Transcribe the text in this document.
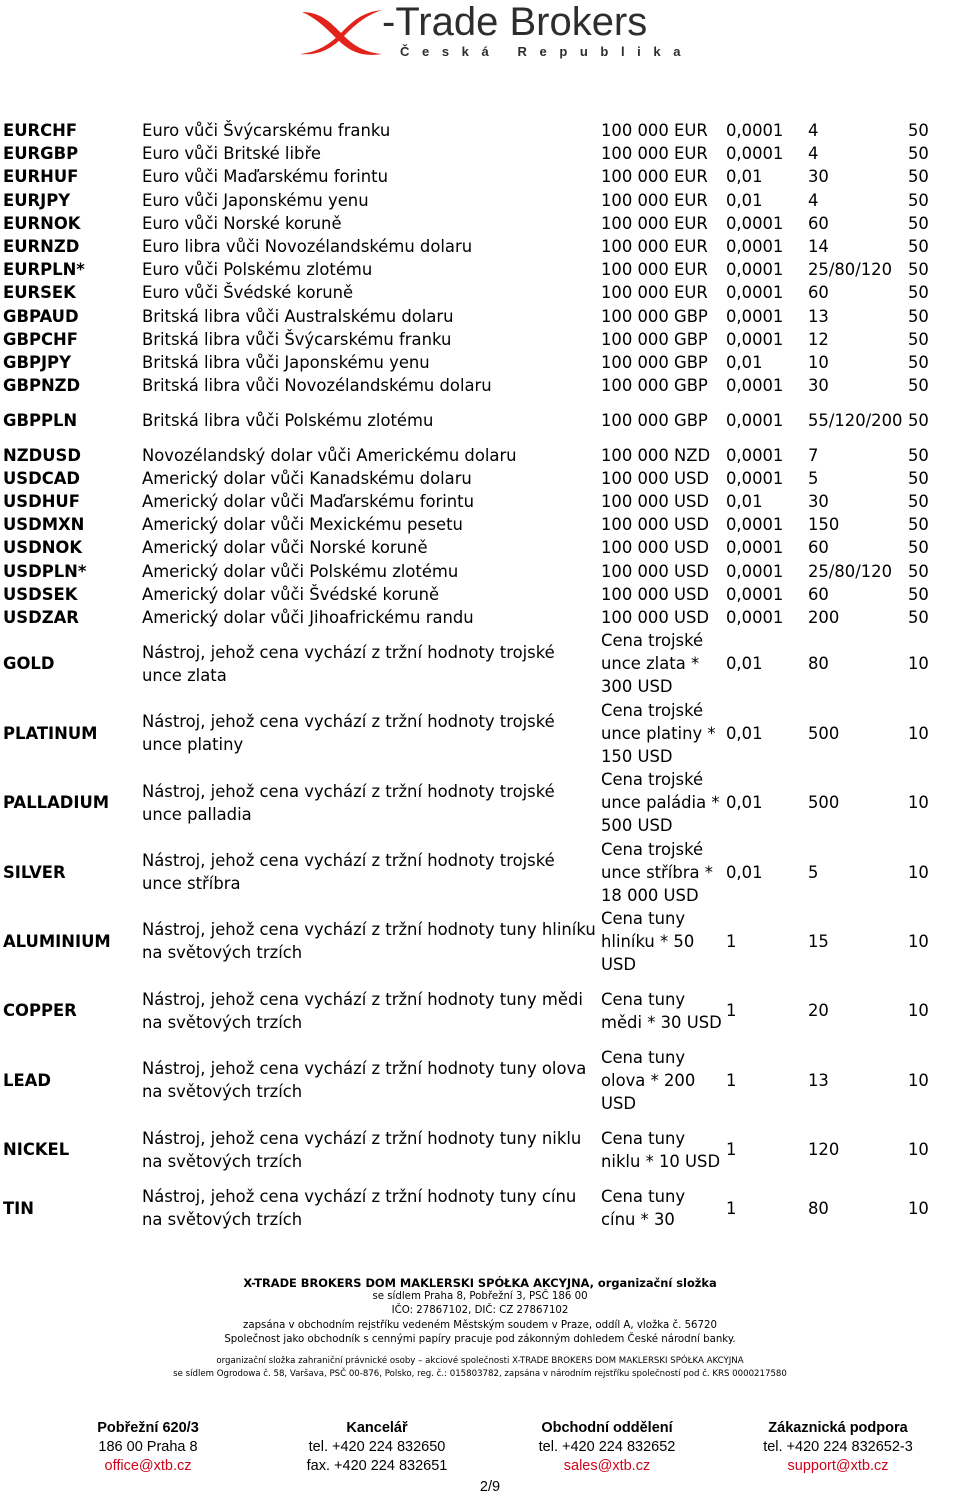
-Trade Brokers
Česká Republika
EURCHF	Euro vůči Švýcarskému franku	100 000 EUR	0,0001	4	50
EURGBP	Euro vůči Britské libře	100 000 EUR	0,0001	4	50
EURHUF	Euro vůči Maďarskému forintu	100 000 EUR	0,01	30	50
EURJPY	Euro vůči Japonskému yenu	100 000 EUR	0,01	4	50
EURNOK	Euro vůči Norské koruně	100 000 EUR	0,0001	60	50
EURNZD	Euro libra vůči Novozélandskému dolaru	100 000 EUR	0,0001	14	50
EURPLN*	Euro vůči Polskému zlotému	100 000 EUR	0,0001	25/80/120	50
EURSEK	Euro vůči Švédské koruně	100 000 EUR	0,0001	60	50
GBPAUD	Britská libra vůči Australskému dolaru	100 000 GBP	0,0001	13	50
GBPCHF	Britská libra vůči Švýcarskému franku	100 000 GBP	0,0001	12	50
GBPJPY	Britská libra vůči Japonskému yenu	100 000 GBP	0,01	10	50
GBPNZD	Britská libra vůči Novozélandskému dolaru	100 000 GBP	0,0001	30	50
GBPPLN	Britská libra vůči Polskému zlotému	100 000 GBP	0,0001	55/120/200	50
NZDUSD	Novozélandský dolar vůči Americkému dolaru	100 000 NZD	0,0001	7	50
USDCAD	Americký dolar vůči Kanadskému dolaru	100 000 USD	0,0001	5	50
USDHUF	Americký dolar vůči Maďarskému forintu	100 000 USD	0,01	30	50
USDMXN	Americký dolar vůči Mexickému pesetu	100 000 USD	0,0001	150	50
USDNOK	Americký dolar vůči Norské koruně	100 000 USD	0,0001	60	50
USDPLN*	Americký dolar vůči Polskému zlotému	100 000 USD	0,0001	25/80/120	50
USDSEK	Americký dolar vůči Švédské koruně	100 000 USD	0,0001	60	50
USDZAR	Americký dolar vůči Jihoafrickému randu	100 000 USD	0,0001	200	50
GOLD	Nástroj, jehož cena vychází z tržní hodnoty trojské unce zlata	Cena trojské unce zlata * 300 USD	0,01	80	10
PLATINUM	Nástroj, jehož cena vychází z tržní hodnoty trojské unce platiny	Cena trojské unce platiny * 150 USD	0,01	500	10
PALLADIUM	Nástroj, jehož cena vychází z tržní hodnoty trojské unce palladia	Cena trojské unce paládia * 500 USD	0,01	500	10
SILVER	Nástroj, jehož cena vychází z tržní hodnoty trojské unce stříbra	Cena trojské unce stříbra * 18 000 USD	0,01	5	10
ALUMINIUM	Nástroj, jehož cena vychází z tržní hodnoty tuny hliníku na světových trzích	Cena tuny hliníku * 50 USD	1	15	10
COPPER	Nástroj, jehož cena vychází z tržní hodnoty tuny mědi na světových trzích	Cena tuny mědi * 30 USD	1	20	10
LEAD	Nástroj, jehož cena vychází z tržní hodnoty tuny olova na světových trzích	Cena tuny olova * 200 USD	1	13	10
NICKEL	Nástroj, jehož cena vychází z tržní hodnoty tuny niklu na světových trzích	Cena tuny niklu * 10 USD	1	120	10
TIN	Nástroj, jehož cena vychází z tržní hodnoty tuny cínu na světových trzích	Cena tuny cínu * 30	1	80	10
X-TRADE BROKERS DOM MAKLERSKI SPÓŁKA AKCYJNA, organizační složka
se sídlem Praha 8, Pobřežní 3, PSČ 186 00
IČO: 27867102, DIČ: CZ 27867102
zapsána v obchodním rejstříku vedeném Městským soudem v Praze, oddíl A, vložka č. 56720
Společnost jako obchodník s cennými papíry pracuje pod zákonným dohledem České národní banky.
organizační složka zahraniční právnické osoby – akciové společnosti X-TRADE BROKERS DOM MAKLERSKI SPÓŁKA AKCYJNA
se sídlem Ogrodowa č. 58, Varšava, PSČ 00-876, Polsko, reg. č.: 015803782, zapsána v národním rejstříku společností pod č. KRS 0000217580
Pobřežní 620/3
186 00 Praha 8
office@xtb.cz
Kancelář
tel. +420 224 832650
fax. +420 224 832651
Obchodní oddělení
tel. +420 224 832652
sales@xtb.cz
Zákaznická podpora
tel. +420 224 832652-3
support@xtb.cz
2/9
